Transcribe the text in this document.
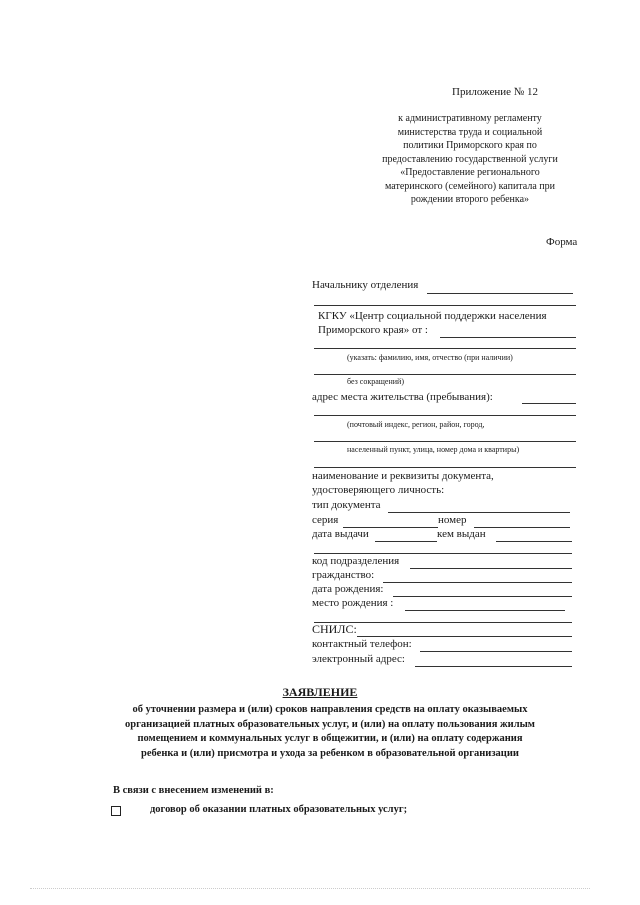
Приложение № 12
к административному регламенту
министерства труда и социальной
политики Приморского края по
предоставлению государственной услуги
«Предоставление регионального
материнского (семейного) капитала при
рождении второго ребенка»
Форма
Начальнику отделения
КГКУ «Центр социальной поддержки населения
Приморского края» от :
(указать: фамилию, имя, отчество (при наличии)
без сокращений)
адрес места жительства (пребывания):
(почтовый индекс, регион, район, город,
населенный пункт, улица, номер дома и квартиры)
наименование и реквизиты документа,
удостоверяющего личность:
тип документа
серия	номер
дата выдачи	кем выдан
код подразделения
гражданство:
дата рождения:
место рождения :
СНИЛС:
контактный телефон:
электронный адрес:
ЗАЯВЛЕНИЕ
об уточнении размера и (или) сроков направления средств на оплату оказываемых
организацией платных образовательных услуг, и (или) на оплату пользования жилым
помещением и коммунальных услуг в общежитии, и (или) на оплату содержания
ребенка и (или) присмотра и ухода за ребенком в образовательной организации
В связи с внесением изменений в:
договор об оказании платных образовательных услуг;
